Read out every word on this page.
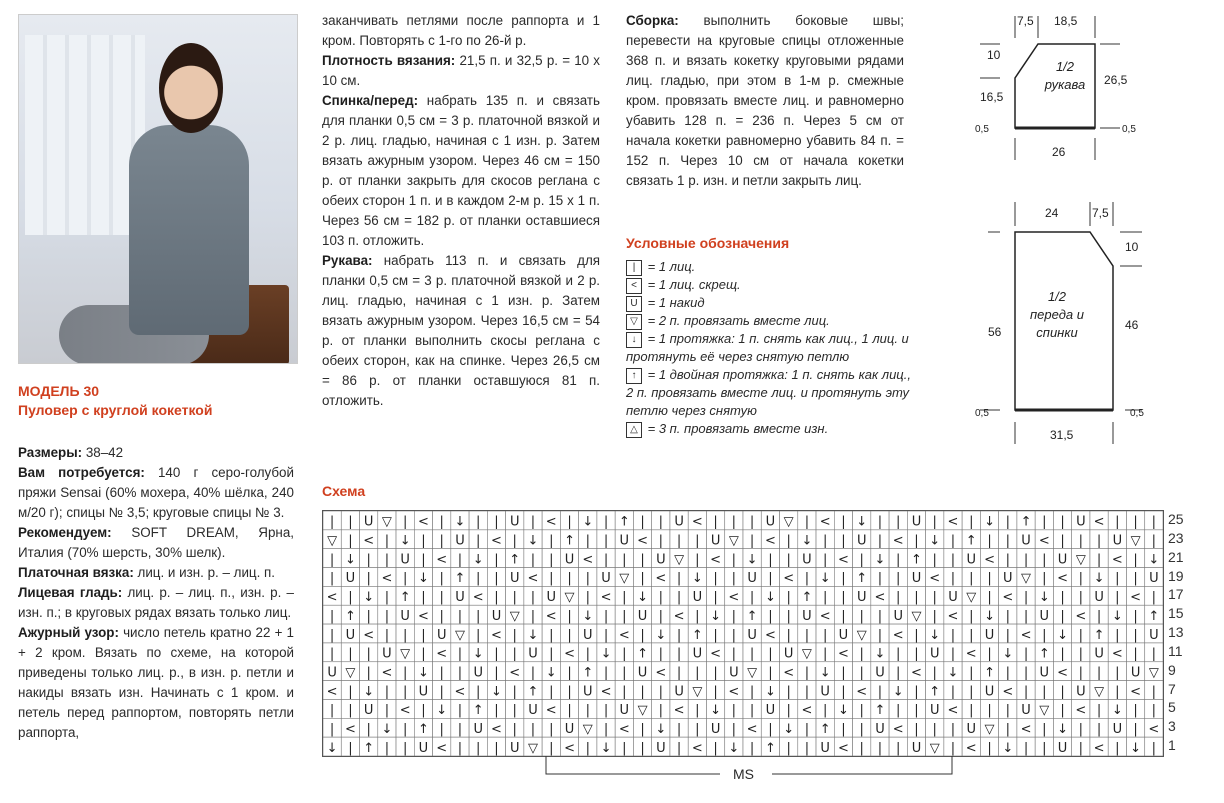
МОДЕЛЬ 30
Пуловер с круглой кокеткой
Размеры: 38–42
Вам потребуется: 140 г серо-голубой пряжи Sensai (60% мохера, 40% шёлка, 240 м/20 г); спицы № 3,5; круговые спицы № 3.
Рекомендуем: SOFT DREAM, Ярна, Италия (70% шерсть, 30% шелк).
Платочная вязка: лиц. и изн. р. – лиц. п.
Лицевая гладь: лиц. р. – лиц. п., изн. р. – изн. п.; в круговых рядах вязать только лиц.
Ажурный узор: число петель кратно 22 + 1 + 2 кром. Вязать по схеме, на которой приведены только лиц. р., в изн. р. петли и накиды вязать изн. Начинать с 1 кром. и петель перед раппортом, повторять петли раппорта,
заканчивать петлями после раппорта и 1 кром. Повторять с 1-го по 26-й р.
Плотность вязания: 21,5 п. и 32,5 р. = 10 х 10 см.
Спинка/перед: набрать 135 п. и связать для планки 0,5 см = 3 р. платочной вязкой и 2 р. лиц. гладью, начиная с 1 изн. р. Затем вязать ажурным узором. Через 46 см = 150 р. от планки закрыть для скосов реглана с обеих сторон 1 п. и в каждом 2-м р. 15 х 1 п. Через 56 см = 182 р. от планки оставшиеся 103 п. отложить.
Рукава: набрать 113 п. и связать для планки 0,5 см = 3 р. платочной вязкой и 2 р. лиц. гладью, начиная с 1 изн. р. Затем вязать ажурным узором. Через 16,5 см = 54 р. от планки выполнить скосы реглана с обеих сторон, как на спинке. Через 26,5 см = 86 р. от планки оставшуюся 81 п. отложить.
Сборка: выполнить боковые швы; перевести на круговые спицы отложенные 368 п. и вязать кокетку круговыми рядами лиц. гладью, при этом в 1-м р. смежные кром. провязать вместе лиц. и равномерно убавить 128 п. = 236 п. Через 5 см от начала кокетки равномерно убавить 84 п. = 152 п. Через 10 см от начала кокетки связать 1 р. изн. и петли закрыть лиц.
Условные обозначения
| = 1 лиц.
< = 1 лиц. скрещ.
U = 1 накид
▽ = 2 п. провязать вместе лиц.
↓ = 1 протяжка: 1 п. снять как лиц., 1 лиц. и протянуть её через снятую петлю
↑ = 1 двойная протяжка: 1 п. снять как лиц., 2 п. провязать вместе лиц. и протянуть эту петлю через снятую
△ = 3 п. провязать вместе изн.
7,5 18,5
10
16,5
26,5
26
0,5	0,5
1/2 рукава
24	7,5
10
46
56
31,5
0,5	0,5
1/2 переда и спинки
Схема
| | U ▽ | < | ↓ | | U | < | ↓ | ↑ | | U < | | | U ▽ | < | ↓ | | U | < | ↓ | ↑ | | U < | | |
▽ | < | ↓ | | U | < | ↓ | ↑ | | U < | | | U ▽ | < | ↓ | | U | < | ↓ | ↑ | | U < | | | U ▽ |
| ↓ | | U | < | ↓ | ↑ | | U < | | | U ▽ | < | ↓ | | U | < | ↓ | ↑ | | U < | | | U ▽ | < | ↓
| U | < | ↓ | ↑ | | U < | | | U ▽ | < | ↓ | | U | < | ↓ | ↑ | | U < | | | U ▽ | < | ↓ | | U
< | ↓ | ↑ | | U < | | | U ▽ | < | ↓ | | U | < | ↓ | ↑ | | U < | | | U ▽ | < | ↓ | | U | < |
| ↑ | | U < | | | U ▽ | < | ↓ | | U | < | ↓ | ↑ | | U < | | | U ▽ | < | ↓ | | U | < | ↓ | ↑
| U < | | | U ▽ | < | ↓ | | U | < | ↓ | ↑ | | U < | | | U ▽ | < | ↓ | | U | < | ↓ | ↑ | | U
| | | U ▽ | < | ↓ | | U | < | ↓ | ↑ | | U < | | | U ▽ | < | ↓ | | U | < | ↓ | ↑ | | U < | |
U ▽ | < | ↓ | | U | < | ↓ | ↑ | | U < | | | U ▽ | < | ↓ | | U | < | ↓ | ↑ | | U < | | | U ▽
< | ↓ | | U | < | ↓ | ↑ | | U < | | | U ▽ | < | ↓ | | U | < | ↓ | ↑ | | U < | | | U ▽ | < |
| | U | < | ↓ | ↑ | | U < | | | U ▽ | < | ↓ | | U | < | ↓ | ↑ | | U < | | | U ▽ | < | ↓ | |
| < | ↓ | ↑ | | U < | | | U ▽ | < | ↓ | | U | < | ↓ | ↑ | | U < | | | U ▽ | < | ↓ | | U | <
↓ | ↑ | | U < | | | U ▽ | < | ↓ | | U | < | ↓ | ↑ | | U < | | | U ▽ | < | ↓ | | U | < | ↓ |
25
23
21
19
17
15
13
11
9
7
5
3
1
MS
